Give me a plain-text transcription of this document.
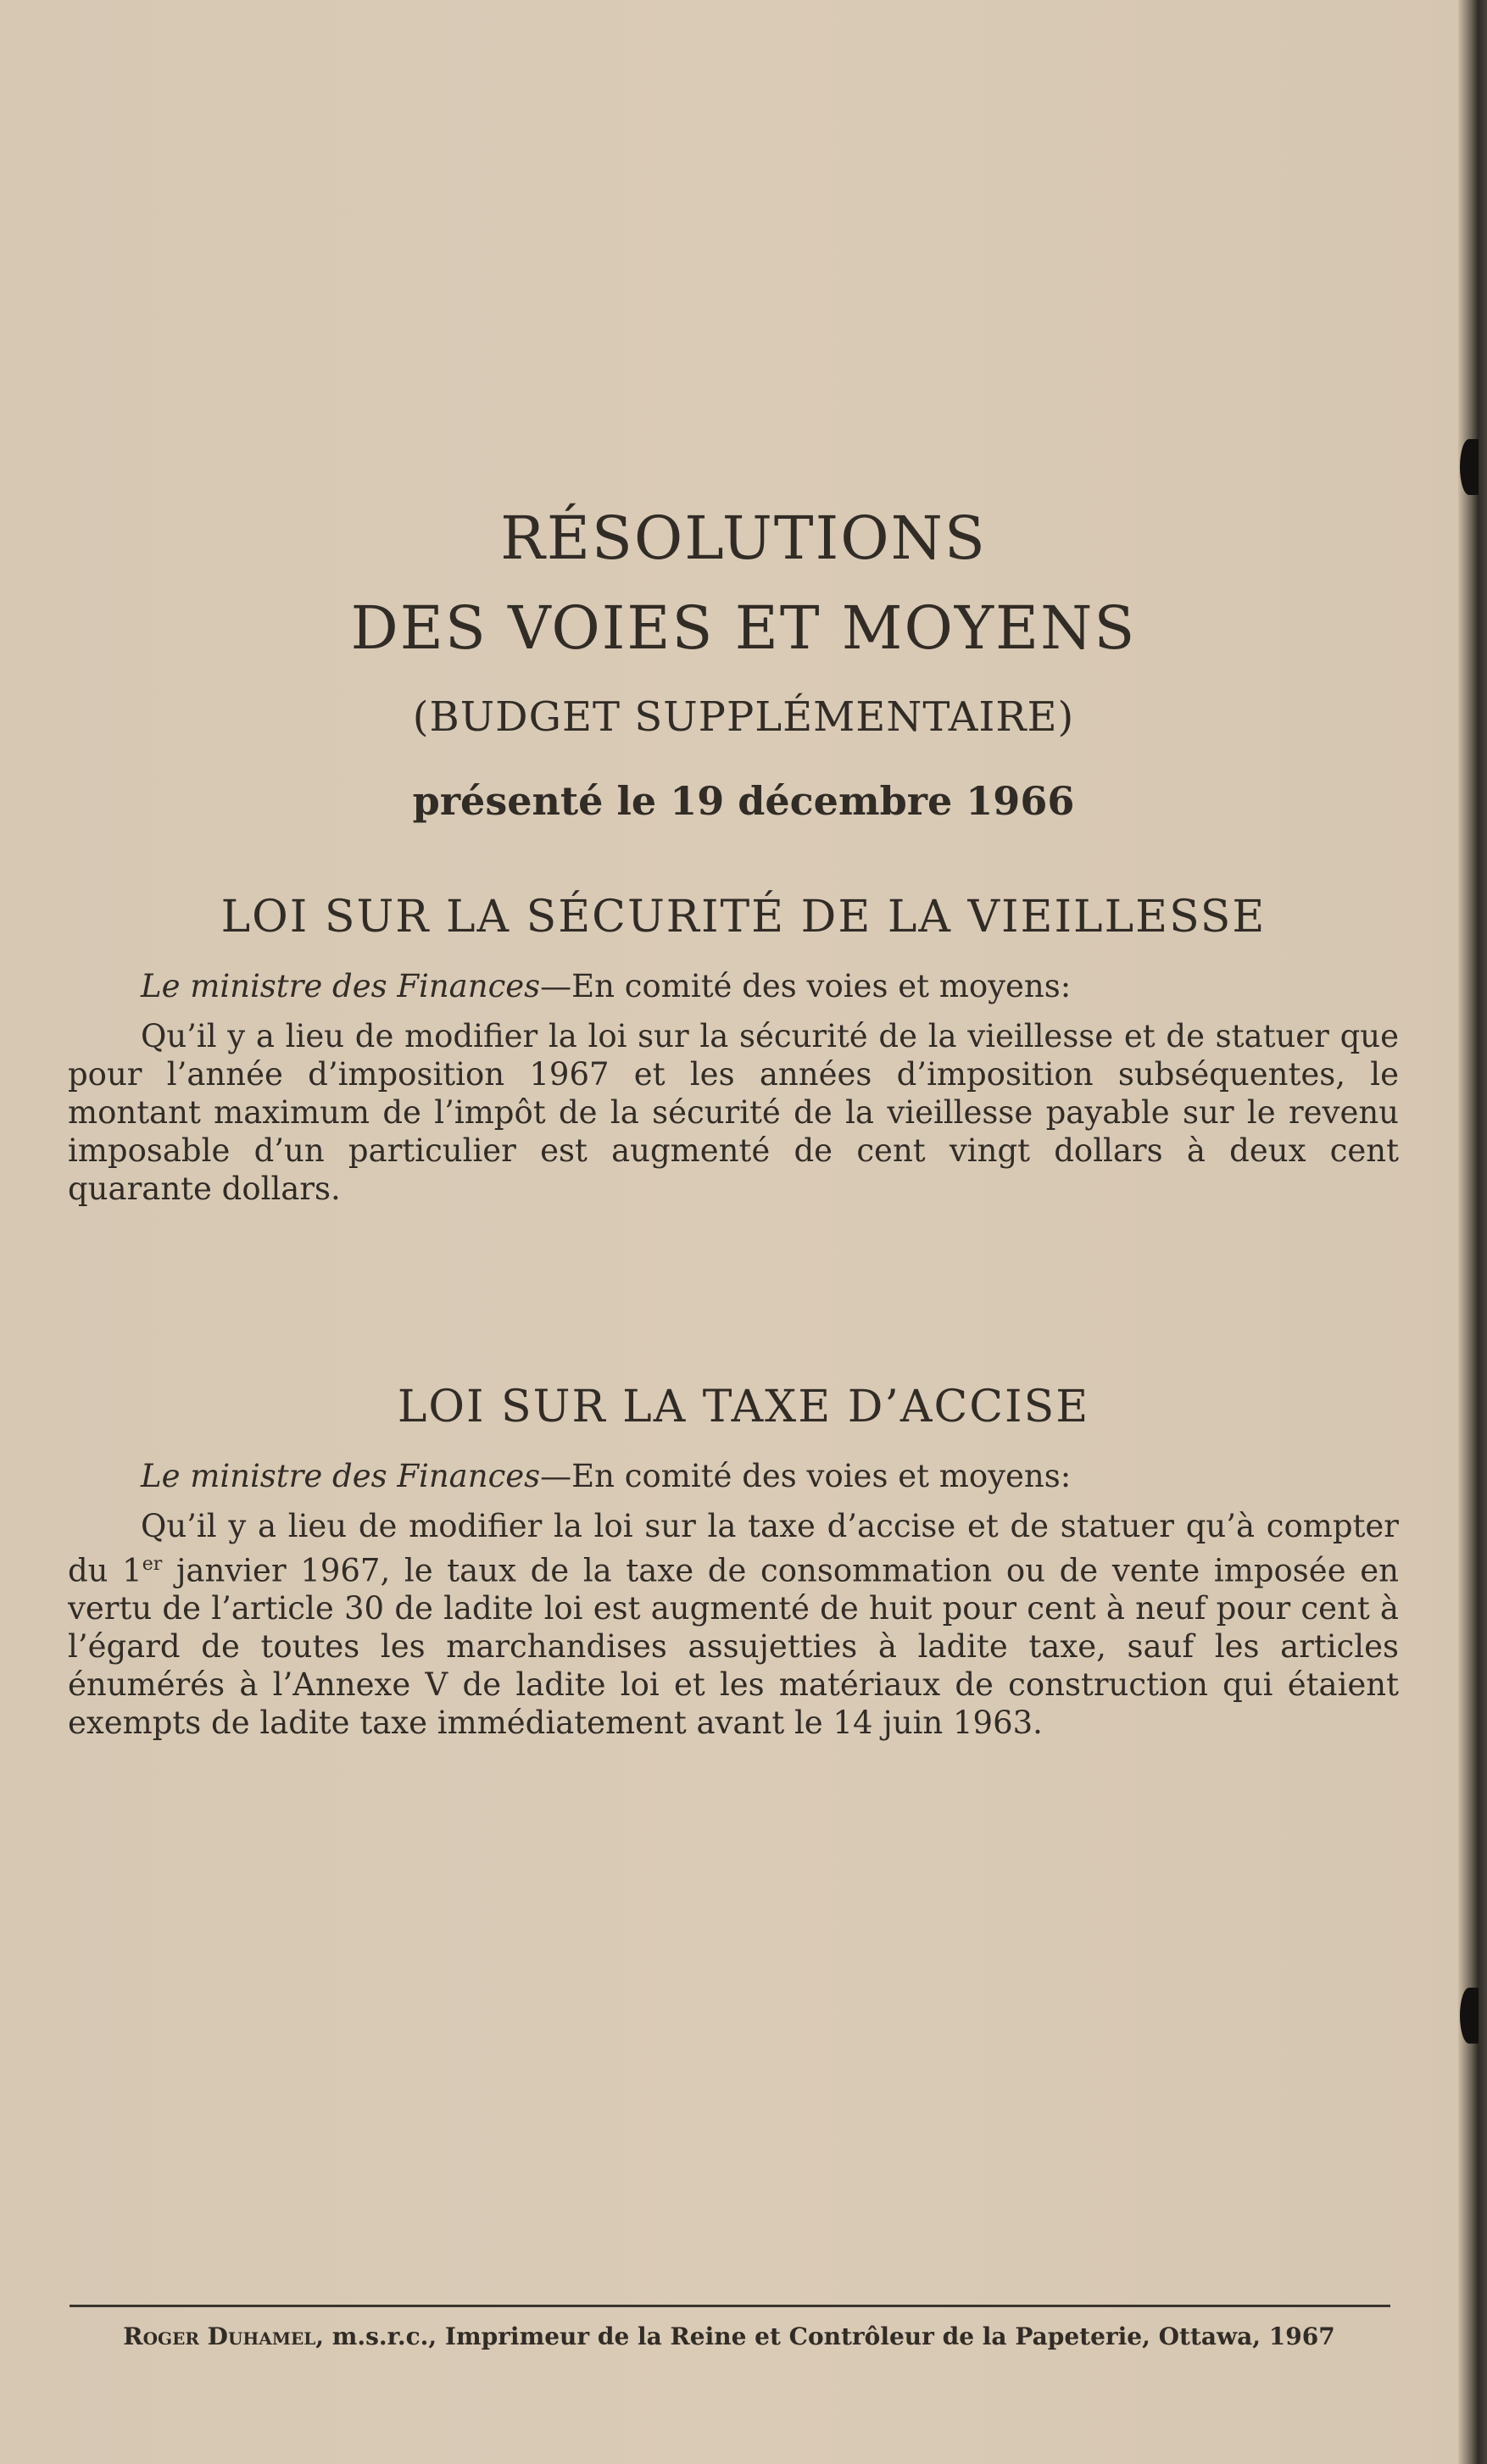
RÉSOLUTIONS
DES VOIES ET MOYENS
(BUDGET SUPPLÉMENTAIRE)

présenté le 19 décembre 1966

LOI SUR LA SÉCURITÉ DE LA VIEILLESSE

Le ministre des Finances—En comité des voies et moyens:

Qu’il y a lieu de modifier la loi sur la sécurité de la vieillesse et de statuer que pour l’année d’imposition 1967 et les années d’imposition subséquentes, le montant maximum de l’impôt de la sécurité de la vieillesse payable sur le revenu imposable d’un particulier est augmenté de cent vingt dollars à deux cent quarante dollars.

LOI SUR LA TAXE D’ACCISE

Le ministre des Finances—En comité des voies et moyens:

Qu’il y a lieu de modifier la loi sur la taxe d’accise et de statuer qu’à compter du 1er janvier 1967, le taux de la taxe de consommation ou de vente imposée en vertu de l’article 30 de ladite loi est augmenté de huit pour cent à neuf pour cent à l’égard de toutes les marchandises assujetties à ladite taxe, sauf les articles énumérés à l’Annexe V de ladite loi et les matériaux de construction qui étaient exempts de ladite taxe immédiatement avant le 14 juin 1963.

Roger Duhamel, m.s.r.c., Imprimeur de la Reine et Contrôleur de la Papeterie, Ottawa, 1967
